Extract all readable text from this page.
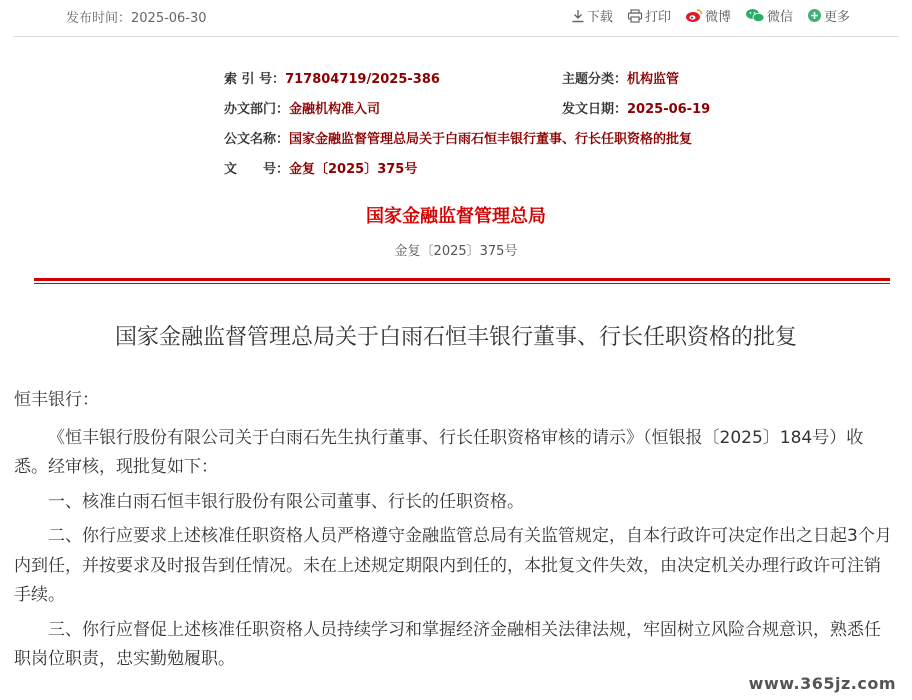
发布时间：2025-06-30	下载 打印	微博	微信 更多
索 引 号：717804719/2025-386	主题分类：机构监管
办文部门：金融机构准入司	发文日期：2025-06-19
公文名称：国家金融监督管理总局关于白雨石恒丰银行董事、行长任职资格的批复
文　　号：金复〔2025〕375号
国家金融监督管理总局
金复〔2025〕375号
国家金融监督管理总局关于白雨石恒丰银行董事、行长任职资格的批复

恒丰银行：

《恒丰银行股份有限公司关于白雨石先生执行董事、行长任职资格审核的请示》（恒银报〔2025〕184号）收悉。经审核，现批复如下：

一、核准白雨石恒丰银行股份有限公司董事、行长的任职资格。

二、你行应要求上述核准任职资格人员严格遵守金融监管总局有关监管规定，自本行政许可决定作出之日起3个月内到任，并按要求及时报告到任情况。未在上述规定期限内到任的，本批复文件失效，由决定机关办理行政许可注销手续。

三、你行应督促上述核准任职资格人员持续学习和掌握经济金融相关法律法规，牢固树立风险合规意识，熟悉任职岗位职责，忠实勤勉履职。

www.365jz.com
